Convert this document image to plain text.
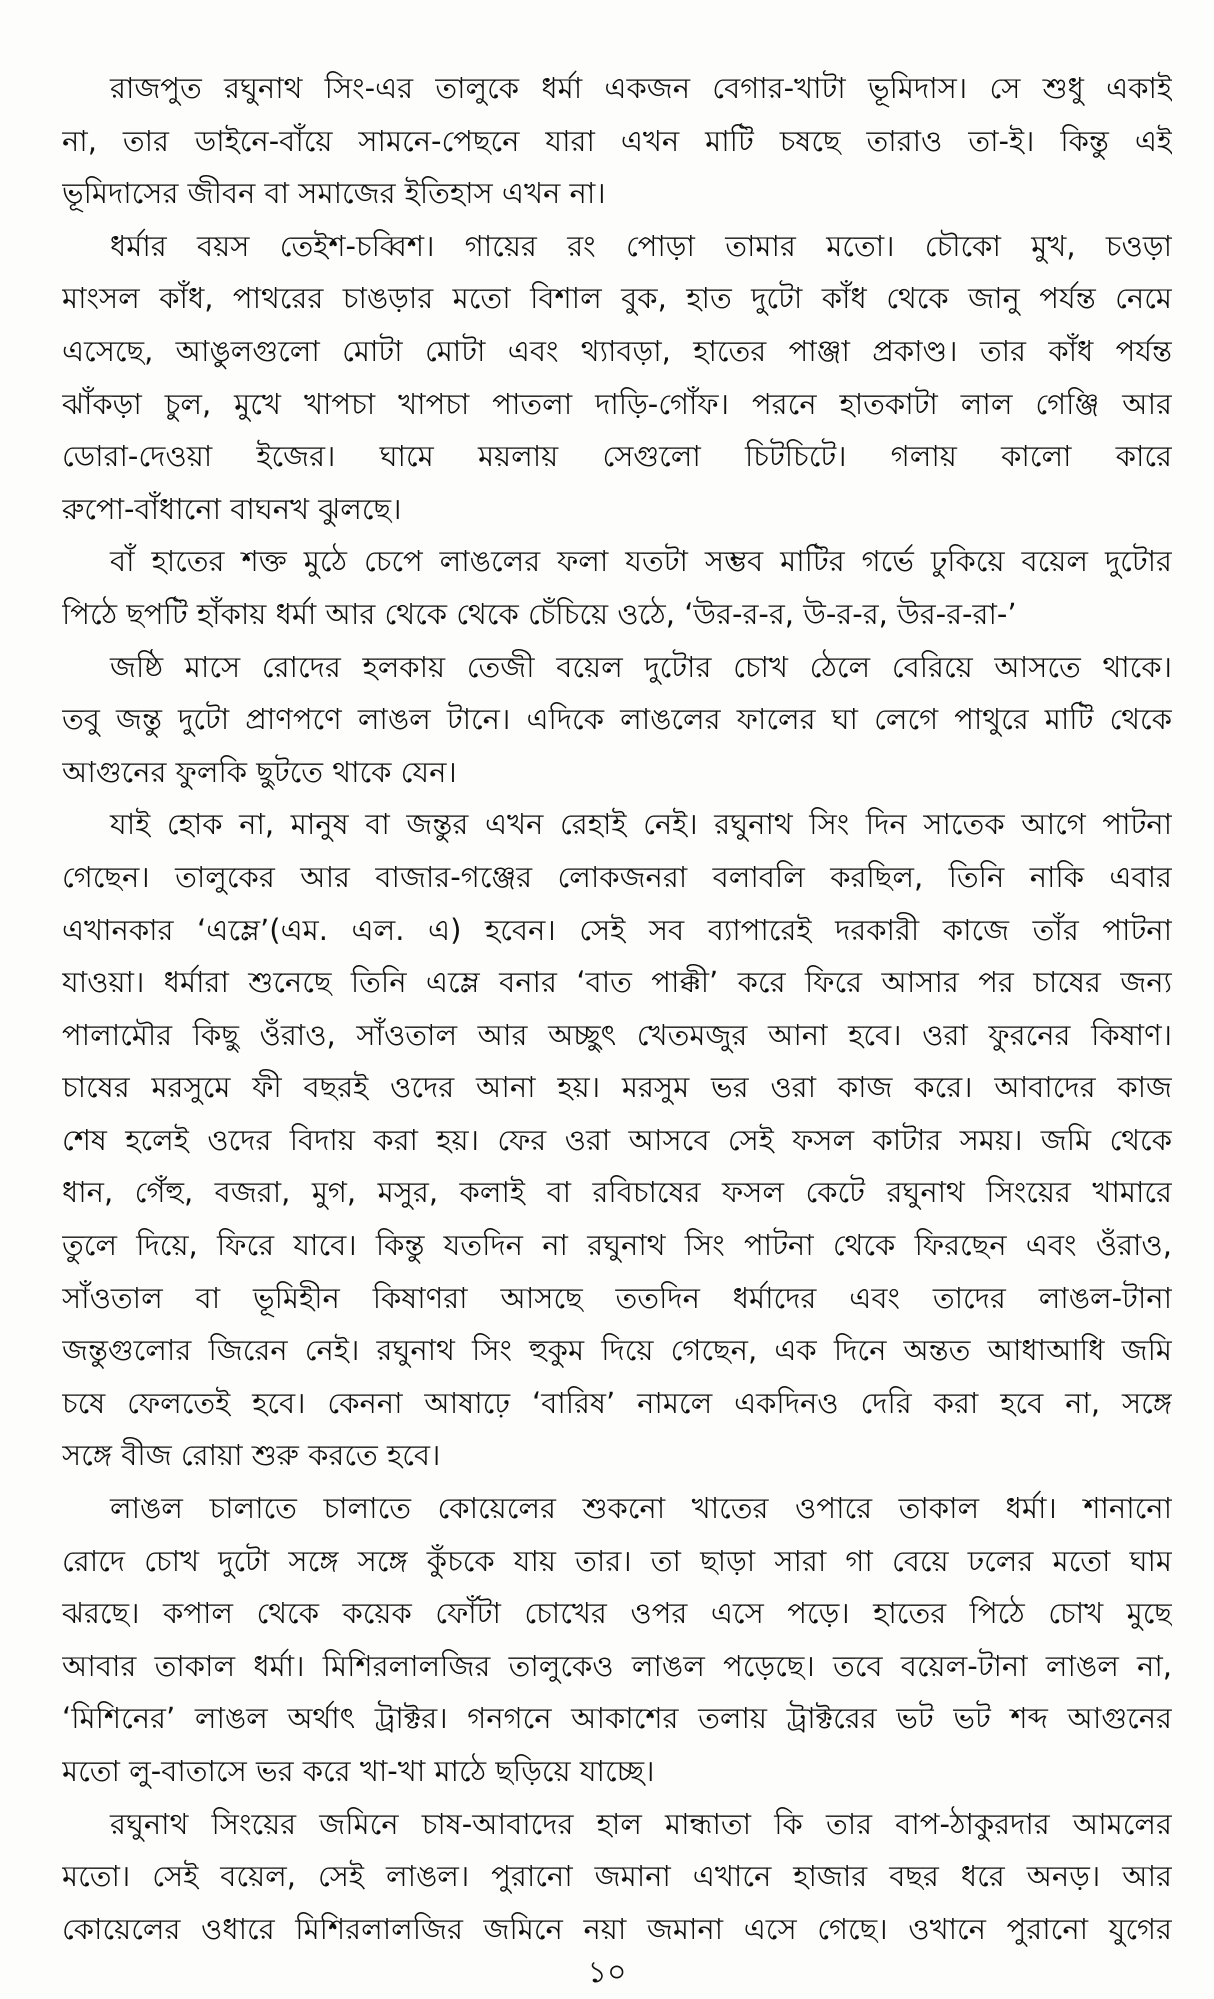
রাজপুত রঘুনাথ সিং-এর তালুকে ধর্মা একজন বেগার-খাটা ভূমিদাস। সে শুধু একাই
না, তার ডাইনে-বাঁয়ে সামনে-পেছনে যারা এখন মাটি চষছে তারাও তা-ই। কিন্তু এই
ভূমিদাসের জীবন বা সমাজের ইতিহাস এখন না।
ধর্মার বয়স তেইশ-চব্বিশ। গায়ের রং পোড়া তামার মতো। চৌকো মুখ, চওড়া
মাংসল কাঁধ, পাথরের চাঙড়ার মতো বিশাল বুক, হাত দুটো কাঁধ থেকে জানু পর্যন্ত নেমে
এসেছে, আঙুলগুলো মোটা মোটা এবং থ্যাবড়া, হাতের পাঞ্জা প্রকাণ্ড। তার কাঁধ পর্যন্ত
ঝাঁকড়া চুল, মুখে খাপচা খাপচা পাতলা দাড়ি-গোঁফ। পরনে হাতকাটা লাল গেঞ্জি আর
ডোরা-দেওয়া ইজের। ঘামে ময়লায় সেগুলো চিটচিটে। গলায় কালো কারে
রুপো-বাঁধানো বাঘনখ ঝুলছে।
বাঁ হাতের শক্ত মুঠে চেপে লাঙলের ফলা যতটা সম্ভব মাটির গর্ভে ঢুকিয়ে বয়েল দুটোর
পিঠে ছপটি হাঁকায় ধর্মা আর থেকে থেকে চেঁচিয়ে ওঠে, ‘উর-র-র, উ-র-র, উর-র-রা-’
জষ্ঠি মাসে রোদের হলকায় তেজী বয়েল দুটোর চোখ ঠেলে বেরিয়ে আসতে থাকে।
তবু জন্তু দুটো প্রাণপণে লাঙল টানে। এদিকে লাঙলের ফালের ঘা লেগে পাথুরে মাটি থেকে
আগুনের ফুলকি ছুটতে থাকে যেন।
যাই হোক না, মানুষ বা জন্তুর এখন রেহাই নেই। রঘুনাথ সিং দিন সাতেক আগে পাটনা
গেছেন। তালুকের আর বাজার-গঞ্জের লোকজনরা বলাবলি করছিল, তিনি নাকি এবার
এখানকার ‘এম্লে’(এম. এল. এ) হবেন। সেই সব ব্যাপারেই দরকারী কাজে তাঁর পাটনা
যাওয়া। ধর্মারা শুনেছে তিনি এম্লে বনার ‘বাত পাক্কী’ করে ফিরে আসার পর চাষের জন্য
পালামৌর কিছু ওঁরাও, সাঁওতাল আর অচ্ছুৎ খেতমজুর আনা হবে। ওরা ফুরনের কিষাণ।
চাষের মরসুমে ফী বছরই ওদের আনা হয়। মরসুম ভর ওরা কাজ করে। আবাদের কাজ
শেষ হলেই ওদের বিদায় করা হয়। ফের ওরা আসবে সেই ফসল কাটার সময়। জমি থেকে
ধান, গেঁহু, বজরা, মুগ, মসুর, কলাই বা রবিচাষের ফসল কেটে রঘুনাথ সিংয়ের খামারে
তুলে দিয়ে, ফিরে যাবে। কিন্তু যতদিন না রঘুনাথ সিং পাটনা থেকে ফিরছেন এবং ওঁরাও,
সাঁওতাল বা ভূমিহীন কিষাণরা আসছে ততদিন ধর্মাদের এবং তাদের লাঙল-টানা
জন্তুগুলোর জিরেন নেই। রঘুনাথ সিং হুকুম দিয়ে গেছেন, এক দিনে অন্তত আধাআধি জমি
চষে ফেলতেই হবে। কেননা আষাঢ়ে ‘বারিষ’ নামলে একদিনও দেরি করা হবে না, সঙ্গে
সঙ্গে বীজ রোয়া শুরু করতে হবে।
লাঙল চালাতে চালাতে কোয়েলের শুকনো খাতের ওপারে তাকাল ধর্মা। শানানো
রোদে চোখ দুটো সঙ্গে সঙ্গে কুঁচকে যায় তার। তা ছাড়া সারা গা বেয়ে ঢলের মতো ঘাম
ঝরছে। কপাল থেকে কয়েক ফোঁটা চোখের ওপর এসে পড়ে। হাতের পিঠে চোখ মুছে
আবার তাকাল ধর্মা। মিশিরলালজির তালুকেও লাঙল পড়েছে। তবে বয়েল-টানা লাঙল না,
‘মিশিনের’ লাঙল অর্থাৎ ট্রাক্টর। গনগনে আকাশের তলায় ট্রাক্টরের ভট ভট শব্দ আগুনের
মতো লু-বাতাসে ভর করে খা-খা মাঠে ছড়িয়ে যাচ্ছে।
রঘুনাথ সিংয়ের জমিনে চাষ-আবাদের হাল মান্ধাতা কি তার বাপ-ঠাকুরদার আমলের
মতো। সেই বয়েল, সেই লাঙল। পুরানো জমানা এখানে হাজার বছর ধরে অনড়। আর
কোয়েলের ওধারে মিশিরলালজির জমিনে নয়া জমানা এসে গেছে। ওখানে পুরানো যুগের
১০
